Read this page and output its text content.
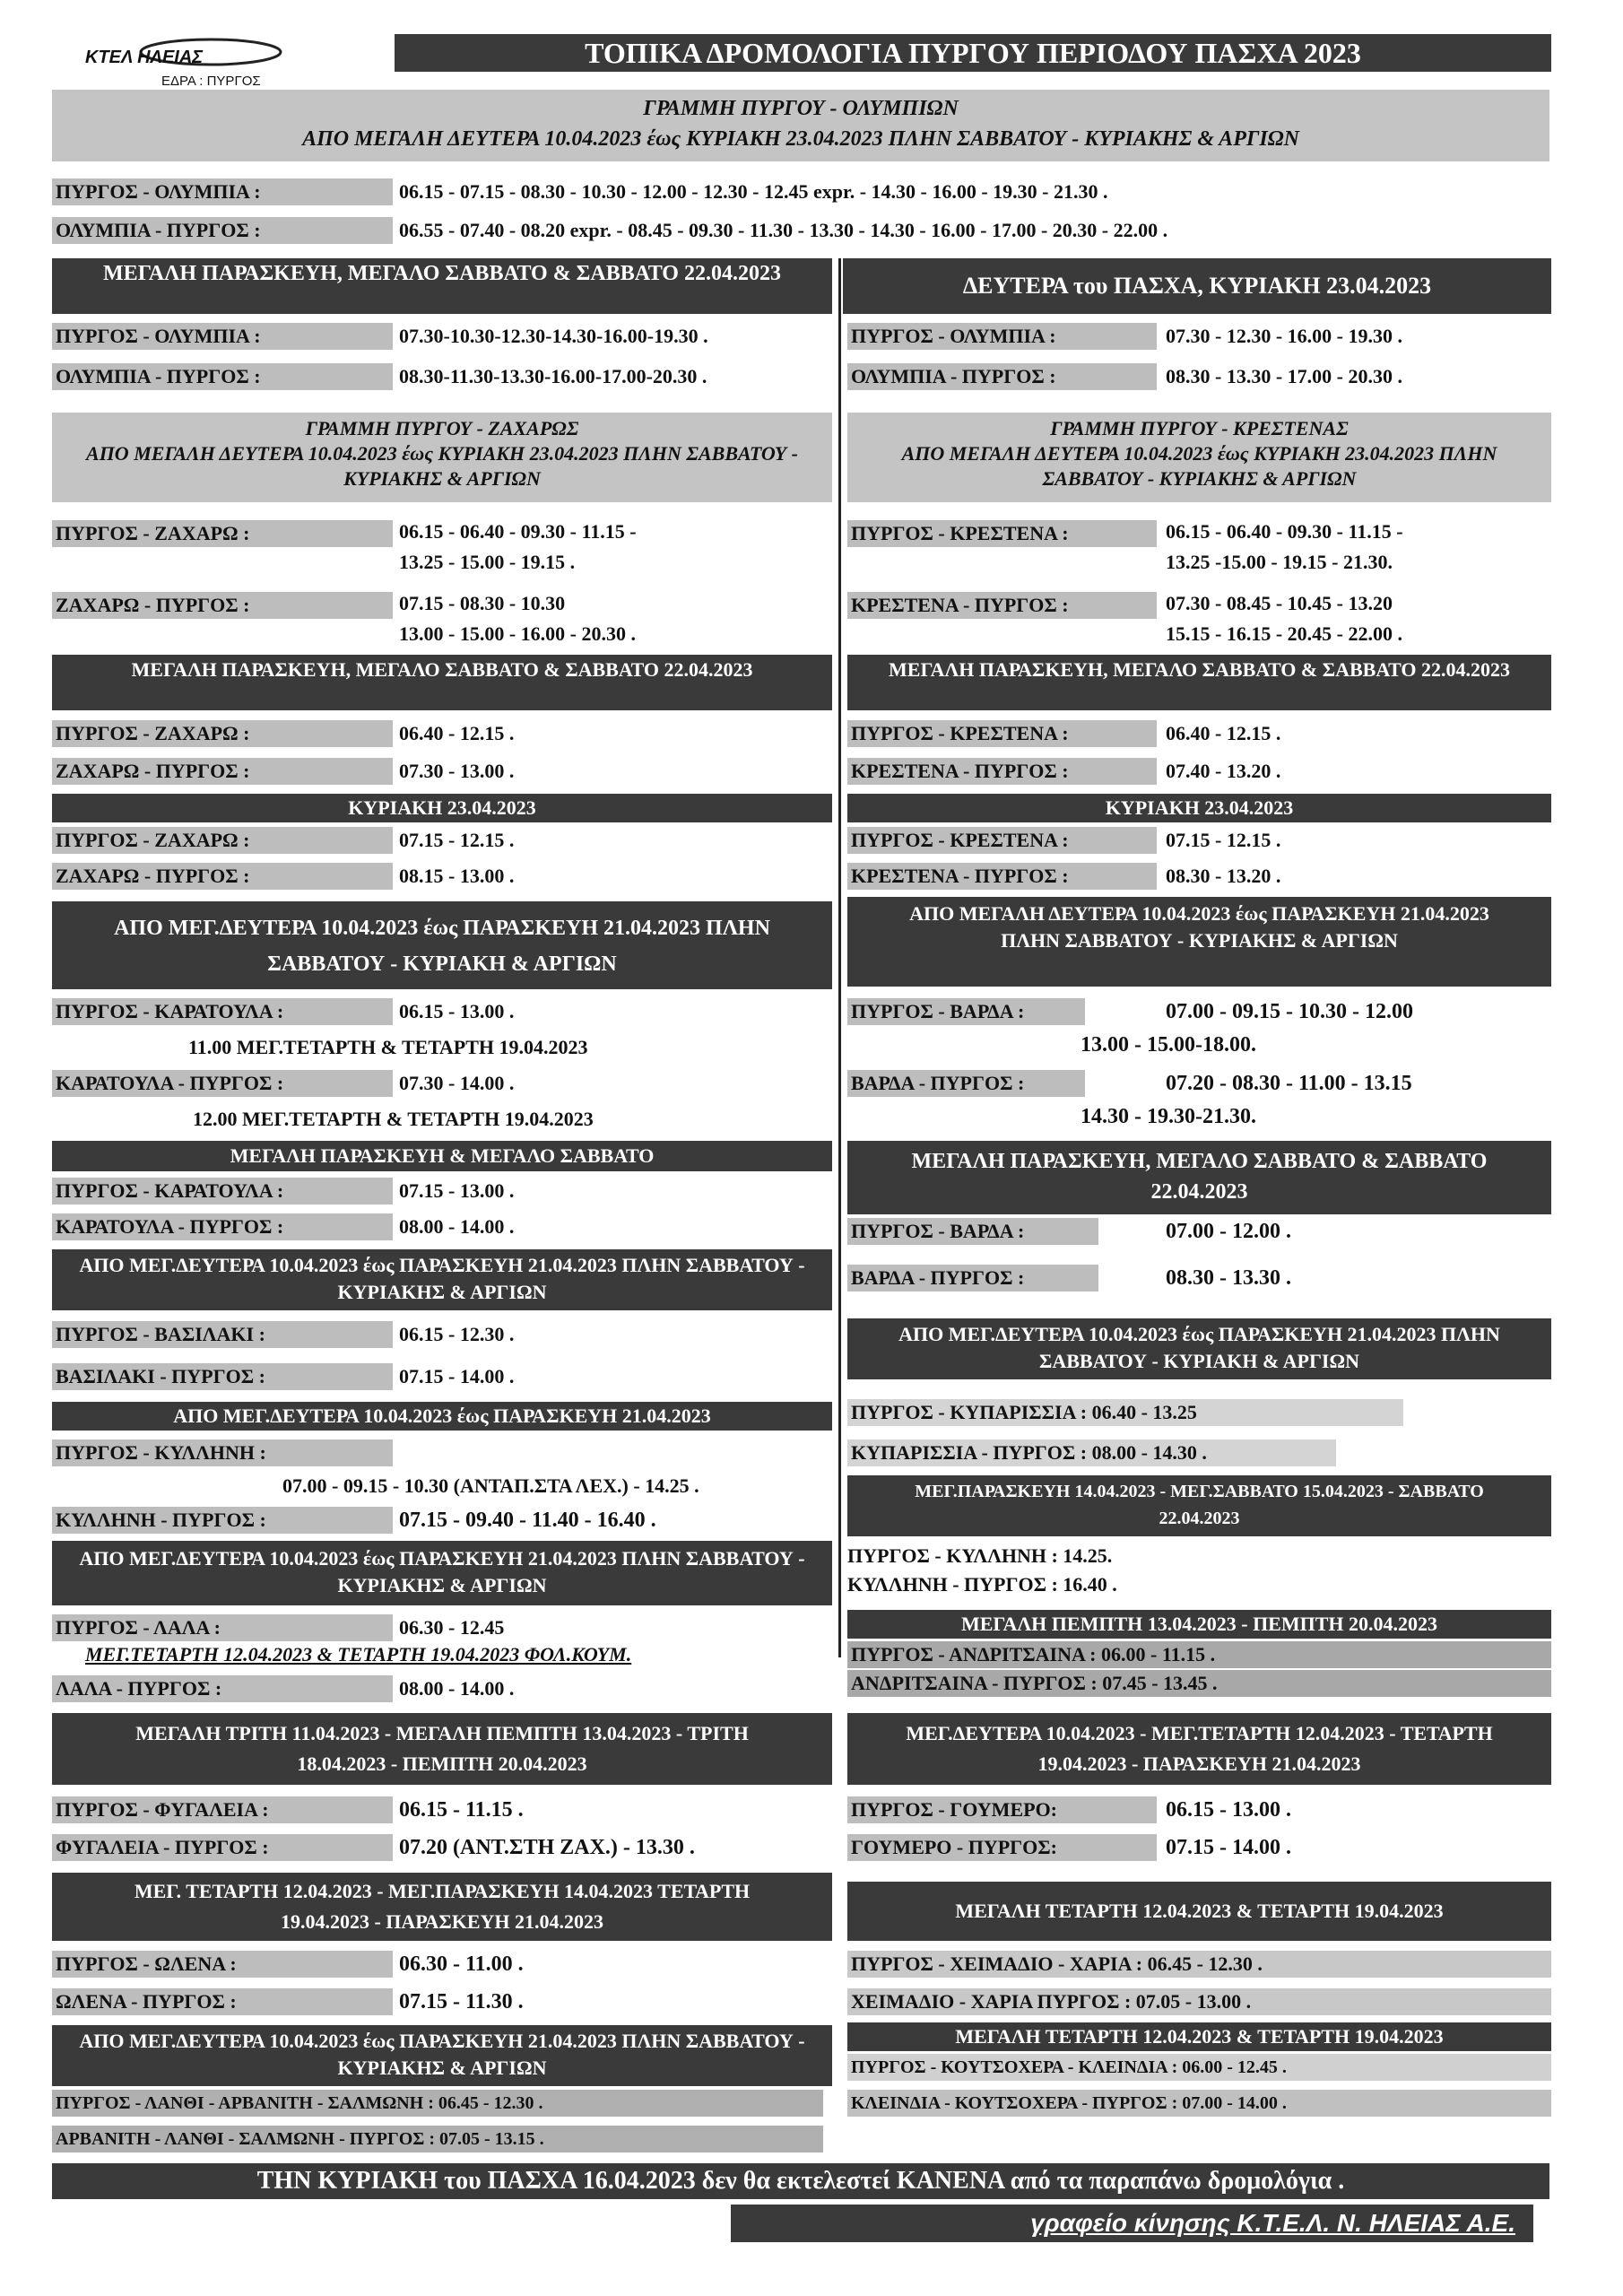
ΚΤΕΛ ΗΛΕΙΑΣ
ΕΔΡΑ : ΠΥΡΓΟΣ
ΤΟΠΙΚΑ ΔΡΟΜΟΛΟΓΙΑ ΠΥΡΓΟΥ ΠΕΡΙΟΔΟΥ ΠΑΣΧΑ 2023
ΓΡΑΜΜΗ ΠΥΡΓΟΥ - ΟΛΥΜΠΙΩΝ
ΑΠΟ ΜΕΓΑΛΗ ΔΕΥΤΕΡΑ 10.04.2023 έως ΚΥΡΙΑΚΗ 23.04.2023 ΠΛΗΝ ΣΑΒΒΑΤΟΥ - ΚΥΡΙΑΚΗΣ & ΑΡΓΙΩΝ
ΠΥΡΓΟΣ - ΟΛΥΜΠΙΑ :	06.15 - 07.15 - 08.30 - 10.30 - 12.00 - 12.30 - 12.45 expr. - 14.30 - 16.00 - 19.30 - 21.30 .
ΟΛΥΜΠΙΑ - ΠΥΡΓΟΣ :	06.55 - 07.40 - 08.20 expr. - 08.45 - 09.30 - 11.30 - 13.30 - 14.30 - 16.00 - 17.00 - 20.30 - 22.00 .
ΜΕΓΑΛΗ ΠΑΡΑΣΚΕΥΗ, ΜΕΓΑΛΟ ΣΑΒΒΑΤΟ & ΣΑΒΒΑΤΟ 22.04.2023	ΔΕΥΤΕΡΑ του ΠΑΣΧΑ, ΚΥΡΙΑΚΗ 23.04.2023
ΠΥΡΓΟΣ - ΟΛΥΜΠΙΑ :	07.30-10.30-12.30-14.30-16.00-19.30 .
ΟΛΥΜΠΙΑ - ΠΥΡΓΟΣ :	08.30-11.30-13.30-16.00-17.00-20.30 .
ΠΥΡΓΟΣ - ΟΛΥΜΠΙΑ :	07.30 - 12.30 - 16.00 - 19.30 .
ΟΛΥΜΠΙΑ - ΠΥΡΓΟΣ :	08.30 - 13.30 - 17.00 - 20.30 .
ΓΡΑΜΜΗ ΠΥΡΓΟΥ - ΖΑΧΑΡΩΣ
ΑΠΟ ΜΕΓΑΛΗ ΔΕΥΤΕΡΑ 10.04.2023 έως ΚΥΡΙΑΚΗ 23.04.2023 ΠΛΗΝ ΣΑΒΒΑΤΟΥ - ΚΥΡΙΑΚΗΣ & ΑΡΓΙΩΝ
ΠΥΡΓΟΣ - ΖΑΧΑΡΩ :	06.15 - 06.40 - 09.30 - 11.15 -
13.25 - 15.00 - 19.15 .
ΖΑΧΑΡΩ - ΠΥΡΓΟΣ :	07.15 - 08.30 - 10.30
13.00 - 15.00 - 16.00 - 20.30 .
ΜΕΓΑΛΗ ΠΑΡΑΣΚΕΥΗ, ΜΕΓΑΛΟ ΣΑΒΒΑΤΟ & ΣΑΒΒΑΤΟ 22.04.2023
ΠΥΡΓΟΣ - ΖΑΧΑΡΩ :	06.40 - 12.15 .
ΖΑΧΑΡΩ - ΠΥΡΓΟΣ :	07.30 - 13.00 .
ΚΥΡΙΑΚΗ 23.04.2023
ΠΥΡΓΟΣ - ΖΑΧΑΡΩ :	07.15 - 12.15 .
ΖΑΧΑΡΩ - ΠΥΡΓΟΣ :	08.15 - 13.00 .
ΓΡΑΜΜΗ ΠΥΡΓΟΥ - ΚΡΕΣΤΕΝΑΣ
ΑΠΟ ΜΕΓΑΛΗ ΔΕΥΤΕΡΑ 10.04.2023 έως ΚΥΡΙΑΚΗ 23.04.2023 ΠΛΗΝ ΣΑΒΒΑΤΟΥ - ΚΥΡΙΑΚΗΣ & ΑΡΓΙΩΝ
ΠΥΡΓΟΣ - ΚΡΕΣΤΕΝΑ :	06.15 - 06.40 - 09.30 - 11.15 -
13.25 -15.00 - 19.15 - 21.30.
ΚΡΕΣΤΕΝΑ - ΠΥΡΓΟΣ :	07.30 - 08.45 - 10.45 - 13.20
15.15 - 16.15 - 20.45 - 22.00 .
ΜΕΓΑΛΗ ΠΑΡΑΣΚΕΥΗ, ΜΕΓΑΛΟ ΣΑΒΒΑΤΟ & ΣΑΒΒΑΤΟ 22.04.2023
ΠΥΡΓΟΣ - ΚΡΕΣΤΕΝΑ :	06.40 - 12.15 .
ΚΡΕΣΤΕΝΑ - ΠΥΡΓΟΣ :	07.40 - 13.20 .
ΚΥΡΙΑΚΗ 23.04.2023
ΠΥΡΓΟΣ - ΚΡΕΣΤΕΝΑ :	07.15 - 12.15 .
ΚΡΕΣΤΕΝΑ - ΠΥΡΓΟΣ :	08.30 - 13.20 .
ΑΠΟ ΜΕΓ.ΔΕΥΤΕΡΑ 10.04.2023 έως ΠΑΡΑΣΚΕΥΗ 21.04.2023 ΠΛΗΝ ΣΑΒΒΑΤΟΥ - ΚΥΡΙΑΚΗ & ΑΡΓΙΩΝ
ΠΥΡΓΟΣ - ΚΑΡΑΤΟΥΛΑ :	06.15 - 13.00 .
11.00 ΜΕΓ.ΤΕΤΑΡΤΗ & ΤΕΤΑΡΤΗ 19.04.2023
ΚΑΡΑΤΟΥΛΑ - ΠΥΡΓΟΣ :	07.30 - 14.00 .
12.00 ΜΕΓ.ΤΕΤΑΡΤΗ & ΤΕΤΑΡΤΗ 19.04.2023
ΜΕΓΑΛΗ ΠΑΡΑΣΚΕΥΗ & ΜΕΓΑΛΟ ΣΑΒΒΑΤΟ
ΠΥΡΓΟΣ - ΚΑΡΑΤΟΥΛΑ :	07.15 - 13.00 .
ΚΑΡΑΤΟΥΛΑ - ΠΥΡΓΟΣ :	08.00 - 14.00 .
ΑΠΟ ΜΕΓΑΛΗ ΔΕΥΤΕΡΑ 10.04.2023 έως ΠΑΡΑΣΚΕΥΗ 21.04.2023 ΠΛΗΝ ΣΑΒΒΑΤΟΥ - ΚΥΡΙΑΚΗΣ & ΑΡΓΙΩΝ
ΠΥΡΓΟΣ - ΒΑΡΔΑ :	07.00 - 09.15 - 10.30 - 12.00
13.00 - 15.00-18.00.
ΒΑΡΔΑ - ΠΥΡΓΟΣ :	07.20 - 08.30 - 11.00 - 13.15
14.30 - 19.30-21.30.
ΜΕΓΑΛΗ ΠΑΡΑΣΚΕΥΗ, ΜΕΓΑΛΟ ΣΑΒΒΑΤΟ & ΣΑΒΒΑΤΟ 22.04.2023
ΠΥΡΓΟΣ - ΒΑΡΔΑ :	07.00 - 12.00 .
ΒΑΡΔΑ - ΠΥΡΓΟΣ :	08.30 - 13.30 .
ΑΠΟ ΜΕΓ.ΔΕΥΤΕΡΑ 10.04.2023 έως ΠΑΡΑΣΚΕΥΗ 21.04.2023 ΠΛΗΝ ΣΑΒΒΑΤΟΥ - ΚΥΡΙΑΚΗΣ & ΑΡΓΙΩΝ
ΠΥΡΓΟΣ - ΒΑΣΙΛΑΚΙ :	06.15 - 12.30 .
ΒΑΣΙΛΑΚΙ - ΠΥΡΓΟΣ :	07.15 - 14.00 .
ΑΠΟ ΜΕΓ.ΔΕΥΤΕΡΑ 10.04.2023 έως ΠΑΡΑΣΚΕΥΗ 21.04.2023 ΠΛΗΝ ΣΑΒΒΑΤΟΥ - ΚΥΡΙΑΚΗ & ΑΡΓΙΩΝ
ΠΥΡΓΟΣ - ΚΥΠΑΡΙΣΣΙΑ : 06.40 - 13.25
ΚΥΠΑΡΙΣΣΙΑ - ΠΥΡΓΟΣ : 08.00 - 14.30 .
ΑΠΟ ΜΕΓ.ΔΕΥΤΕΡΑ 10.04.2023 έως ΠΑΡΑΣΚΕΥΗ 21.04.2023
ΠΥΡΓΟΣ - ΚΥΛΛΗΝΗ :
07.00 - 09.15 - 10.30 (ΑΝΤΑΠ.ΣΤΑ ΛΕΧ.) - 14.25 .
ΚΥΛΛΗΝΗ - ΠΥΡΓΟΣ :	07.15 - 09.40 - 11.40 - 16.40 .
ΜΕΓ.ΠΑΡΑΣΚΕΥΗ 14.04.2023 - ΜΕΓ.ΣΑΒΒΑΤΟ 15.04.2023 - ΣΑΒΒΑΤΟ 22.04.2023
ΠΥΡΓΟΣ - ΚΥΛΛΗΝΗ : 14.25.
ΚΥΛΛΗΝΗ - ΠΥΡΓΟΣ : 16.40 .
ΑΠΟ ΜΕΓ.ΔΕΥΤΕΡΑ 10.04.2023 έως ΠΑΡΑΣΚΕΥΗ 21.04.2023 ΠΛΗΝ ΣΑΒΒΑΤΟΥ - ΚΥΡΙΑΚΗΣ & ΑΡΓΙΩΝ
ΠΥΡΓΟΣ - ΛΑΛΑ :	06.30 - 12.45
ΜΕΓ.ΤΕΤΑΡΤΗ 12.04.2023 & ΤΕΤΑΡΤΗ 19.04.2023 ΦΟΛ.ΚΟΥΜ.
ΛΑΛΑ - ΠΥΡΓΟΣ :	08.00 - 14.00 .
ΜΕΓΑΛΗ ΠΕΜΠΤΗ 13.04.2023 - ΠΕΜΠΤΗ 20.04.2023
ΠΥΡΓΟΣ - ΑΝΔΡΙΤΣΑΙΝΑ : 06.00 - 11.15 .
ΑΝΔΡΙΤΣΑΙΝΑ - ΠΥΡΓΟΣ : 07.45 - 13.45 .
ΜΕΓΑΛΗ ΤΡΙΤΗ 11.04.2023 - ΜΕΓΑΛΗ ΠΕΜΠΤΗ 13.04.2023 - ΤΡΙΤΗ 18.04.2023 - ΠΕΜΠΤΗ 20.04.2023
ΠΥΡΓΟΣ - ΦΥΓΑΛΕΙΑ :	06.15 - 11.15 .
ΦΥΓΑΛΕΙΑ - ΠΥΡΓΟΣ :	07.20 (ΑΝΤ.ΣΤΗ ΖΑΧ.) - 13.30 .
ΜΕΓ.ΔΕΥΤΕΡΑ 10.04.2023 - ΜΕΓ.ΤΕΤΑΡΤΗ 12.04.2023 - ΤΕΤΑΡΤΗ 19.04.2023 - ΠΑΡΑΣΚΕΥΗ 21.04.2023
ΠΥΡΓΟΣ - ΓΟΥΜΕΡΟ:	06.15 - 13.00 .
ΓΟΥΜΕΡΟ - ΠΥΡΓΟΣ:	07.15 - 14.00 .
ΜΕΓ. ΤΕΤΑΡΤΗ 12.04.2023 - ΜΕΓ.ΠΑΡΑΣΚΕΥΗ 14.04.2023 ΤΕΤΑΡΤΗ 19.04.2023 - ΠΑΡΑΣΚΕΥΗ 21.04.2023
ΠΥΡΓΟΣ - ΩΛΕΝΑ :	06.30 - 11.00 .
ΩΛΕΝΑ - ΠΥΡΓΟΣ :	07.15 - 11.30 .
ΜΕΓΑΛΗ ΤΕΤΑΡΤΗ 12.04.2023 & ΤΕΤΑΡΤΗ 19.04.2023
ΠΥΡΓΟΣ - ΧΕΙΜΑΔΙΟ - ΧΑΡΙΑ : 06.45 - 12.30 .
ΧΕΙΜΑΔΙΟ - ΧΑΡΙΑ ΠΥΡΓΟΣ : 07.05 - 13.00 .
ΑΠΟ ΜΕΓ.ΔΕΥΤΕΡΑ 10.04.2023 έως ΠΑΡΑΣΚΕΥΗ 21.04.2023 ΠΛΗΝ ΣΑΒΒΑΤΟΥ - ΚΥΡΙΑΚΗΣ & ΑΡΓΙΩΝ
ΠΥΡΓΟΣ - ΛΑΝΘΙ - ΑΡΒΑΝΙΤΗ - ΣΑΛΜΩΝΗ : 06.45 - 12.30 .
ΑΡΒΑΝΙΤΗ - ΛΑΝΘΙ - ΣΑΛΜΩΝΗ - ΠΥΡΓΟΣ : 07.05 - 13.15 .
ΜΕΓΑΛΗ ΤΕΤΑΡΤΗ 12.04.2023 & ΤΕΤΑΡΤΗ 19.04.2023
ΠΥΡΓΟΣ - ΚΟΥΤΣΟΧΕΡΑ - ΚΛΕΙΝΔΙΑ : 06.00 - 12.45 .
ΚΛΕΙΝΔΙΑ - ΚΟΥΤΣΟΧΕΡΑ - ΠΥΡΓΟΣ : 07.00 - 14.00 .
ΤΗΝ ΚΥΡΙΑΚΗ του ΠΑΣΧΑ 16.04.2023 δεν θα εκτελεστεί ΚΑΝΕΝΑ από τα παραπάνω δρομολόγια .
γραφείο κίνησης Κ.Τ.Ε.Λ. Ν. ΗΛΕΙΑΣ Α.Ε.
